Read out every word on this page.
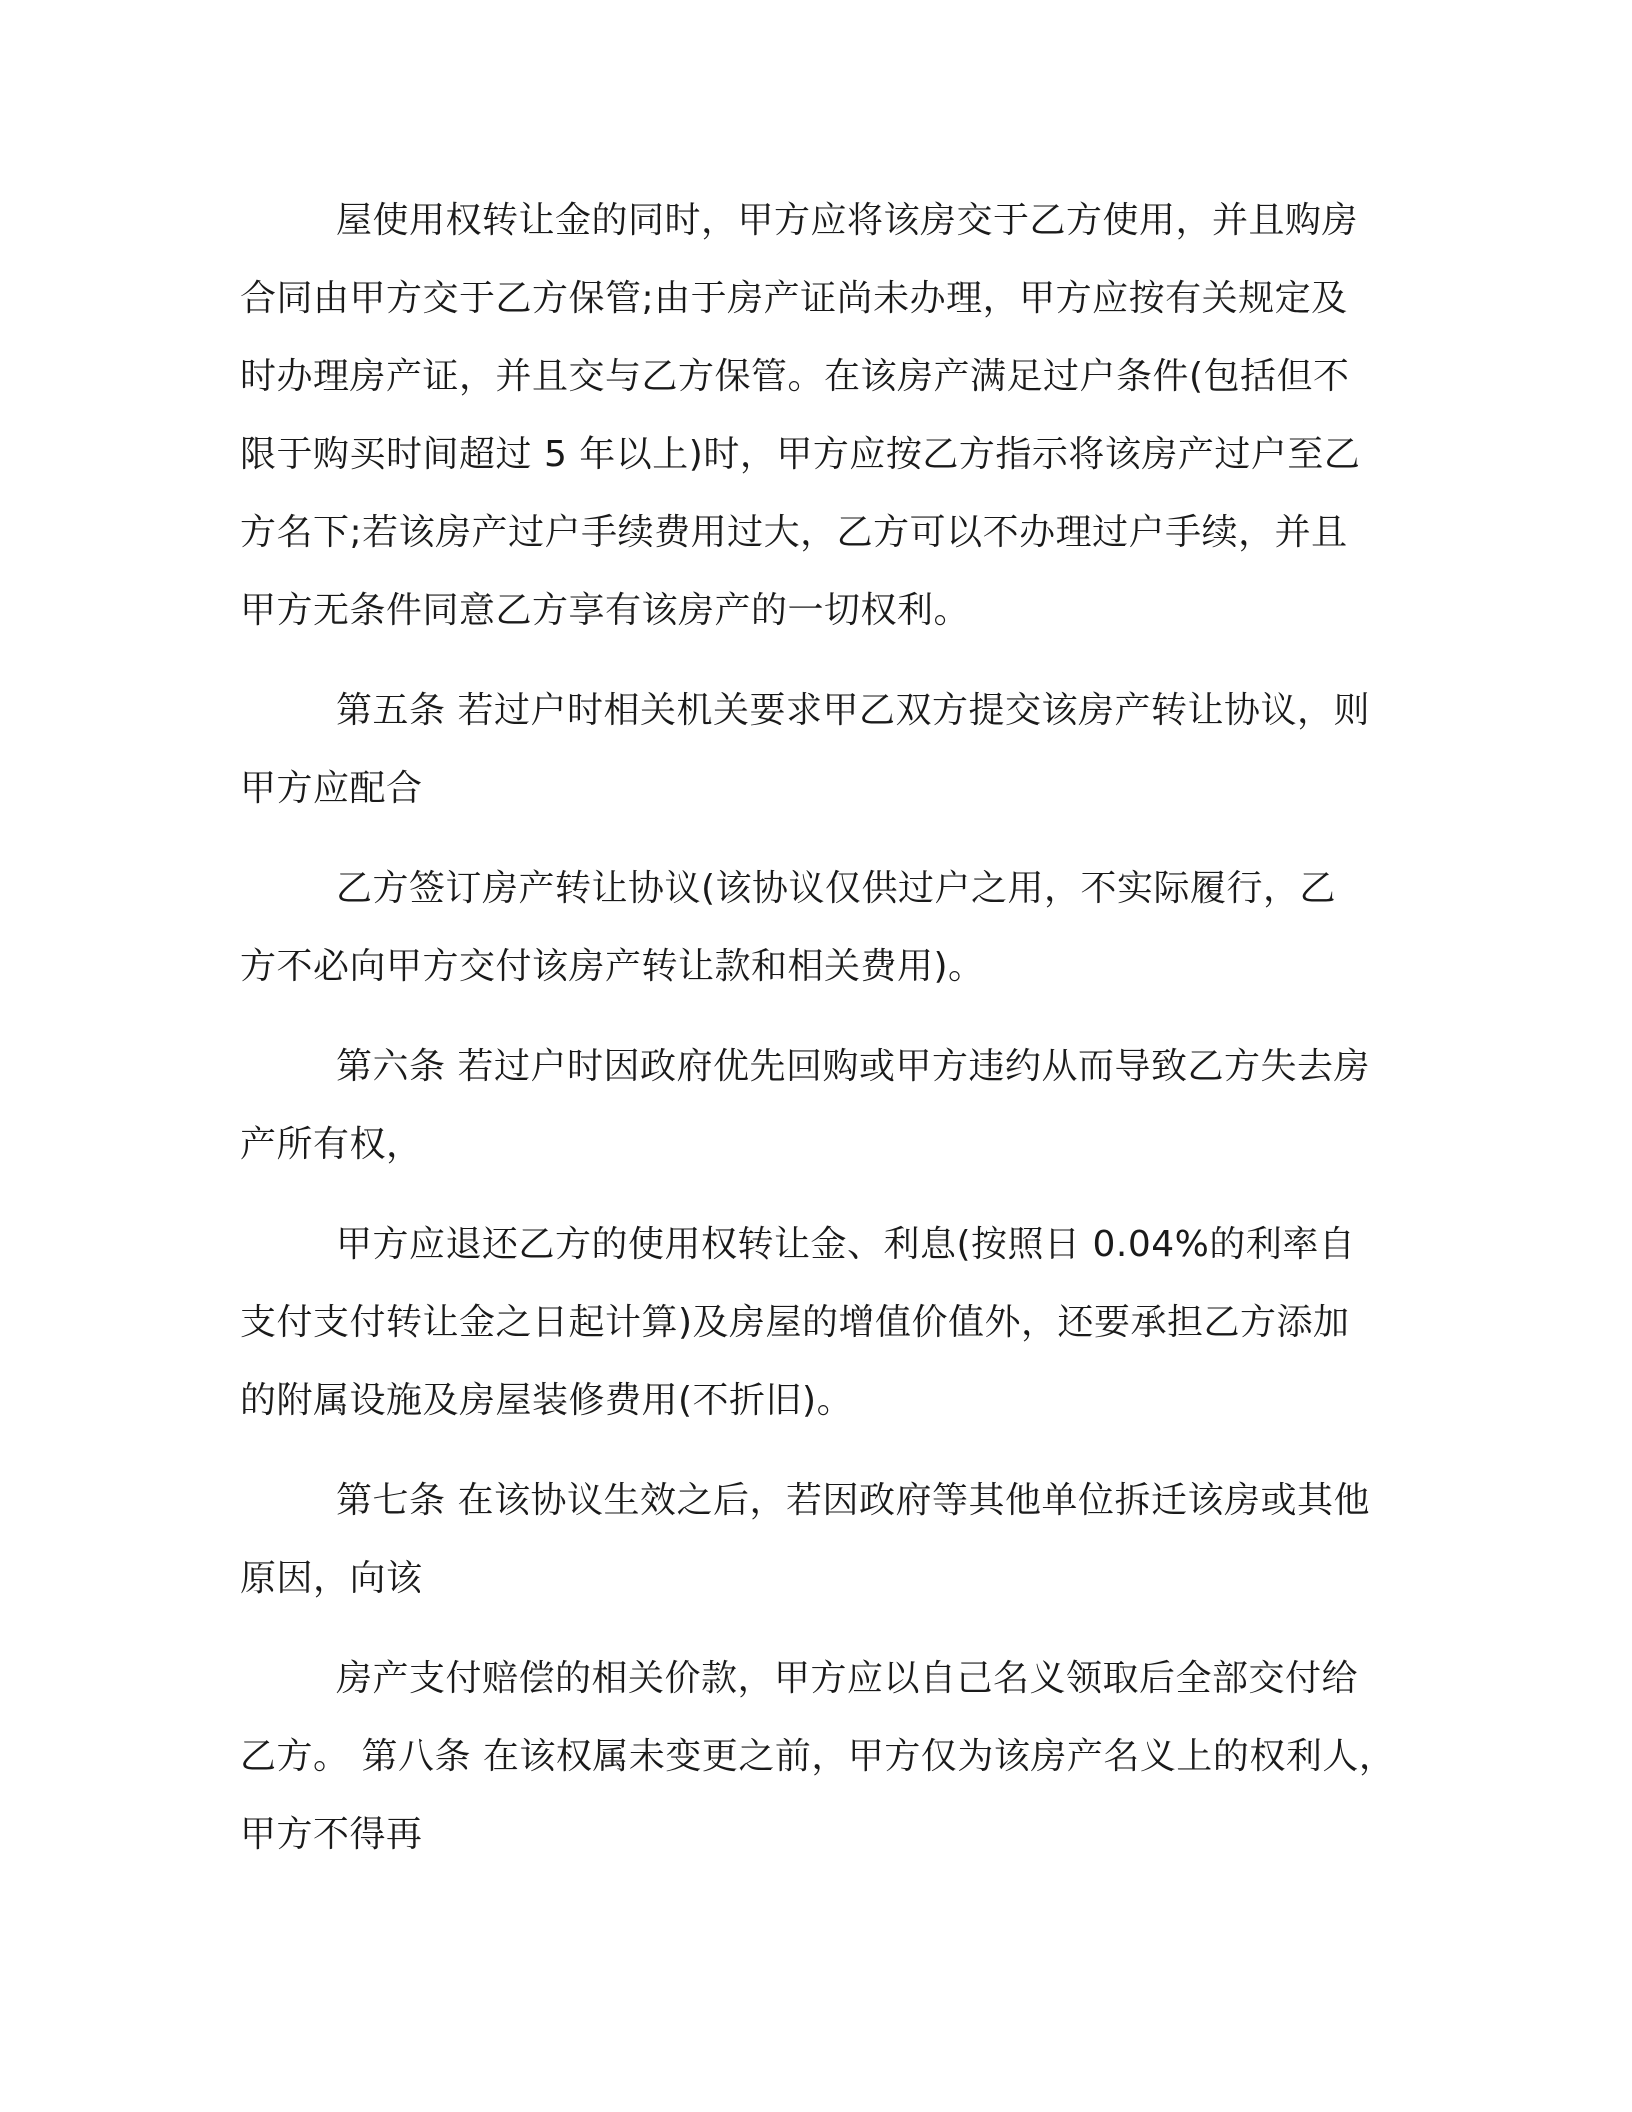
屋使用权转让金的同时，甲方应将该房交于乙方使用，并且购房
合同由甲方交于乙方保管;由于房产证尚未办理，甲方应按有关规定及
时办理房产证，并且交与乙方保管。在该房产满足过户条件(包括但不
限于购买时间超过 5 年以上)时，甲方应按乙方指示将该房产过户至乙
方名下;若该房产过户手续费用过大，乙方可以不办理过户手续，并且
甲方无条件同意乙方享有该房产的一切权利。

第五条 若过户时相关机关要求甲乙双方提交该房产转让协议，则
甲方应配合

乙方签订房产转让协议(该协议仅供过户之用，不实际履行，乙
方不必向甲方交付该房产转让款和相关费用)。

第六条 若过户时因政府优先回购或甲方违约从而导致乙方失去房
产所有权，

甲方应退还乙方的使用权转让金、利息(按照日 0.04%的利率自
支付支付转让金之日起计算)及房屋的增值价值外，还要承担乙方添加
的附属设施及房屋装修费用(不折旧)。

第七条 在该协议生效之后，若因政府等其他单位拆迁该房或其他
原因，向该

房产支付赔偿的相关价款，甲方应以自己名义领取后全部交付给
乙方。 第八条 在该权属未变更之前，甲方仅为该房产名义上的权利人，
甲方不得再
